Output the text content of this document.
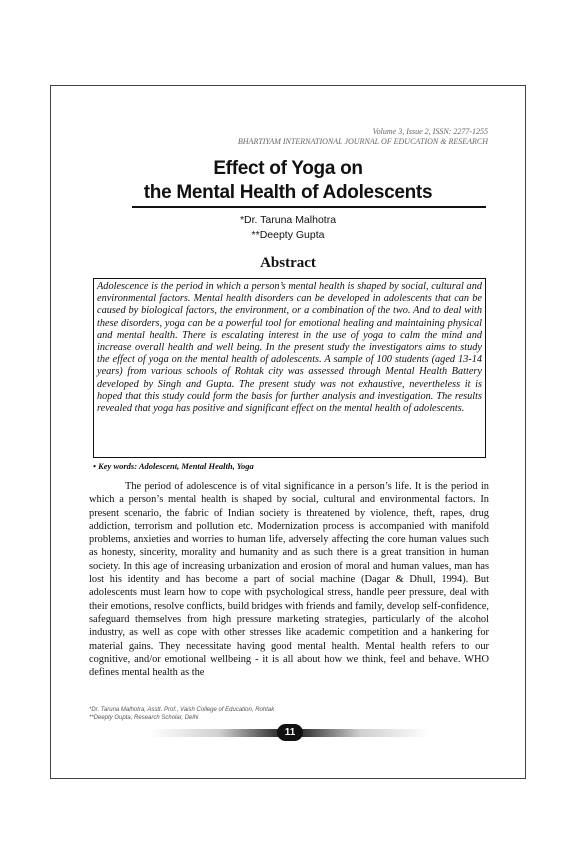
Volume 3, Issue 2, ISSN: 2277-1255
BHARTIYAM INTERNATIONAL JOURNAL OF EDUCATION & RESEARCH
Effect of Yoga on
the Mental Health of Adolescents
*Dr. Taruna Malhotra
**Deepty Gupta
Abstract
Adolescence is the period in which a person’s mental health is shaped by social, cultural and environmental factors. Mental health disorders can be developed in adolescents that can be caused by biological factors, the environment, or a combination of the two. And to deal with these disorders, yoga can be a powerful tool for emotional healing and maintaining physical and mental health. There is escalating interest in the use of yoga to calm the mind and increase overall health and well being. In the present study the investigators aims to study the effect of yoga on the mental health of adolescents. A sample of 100 students (aged 13-14 years) from various schools of Rohtak city was assessed through Mental Health Battery developed by Singh and Gupta. The present study was not exhaustive, nevertheless it is hoped that this study could form the basis for further analysis and investigation. The results revealed that yoga has positive and significant effect on the mental health of adolescents.
• Key words: Adolescent, Mental Health, Yoga

The period of adolescence is of vital significance in a person’s life. It is the period in which a person’s mental health is shaped by social, cultural and environmental factors. In present scenario, the fabric of Indian society is threatened by violence, theft, rapes, drug addiction, terrorism and pollution etc. Modernization process is accompanied with manifold problems, anxieties and worries to human life, adversely affecting the core human values such as honesty, sincerity, morality and humanity and as such there is a great transition in human society. In this age of increasing urbanization and erosion of moral and human values, man has lost his identity and has become a part of social machine (Dagar & Dhull, 1994). But adolescents must learn how to cope with psychological stress, handle peer pressure, deal with their emotions, resolve conflicts, build bridges with friends and family, develop self-confidence, safeguard themselves from high pressure marketing strategies, particularly of the alcohol industry, as well as cope with other stresses like academic competition and a hankering for material gains. They necessitate having good mental health. Mental health refers to our cognitive, and/or emotional wellbeing - it is all about how we think, feel and behave. WHO defines mental health as the

*Dr. Taruna Malhotra, Asstt. Prof., Vaish College of Education, Rohtak
**Deepty Gupta, Research Scholar, Delhi
11
